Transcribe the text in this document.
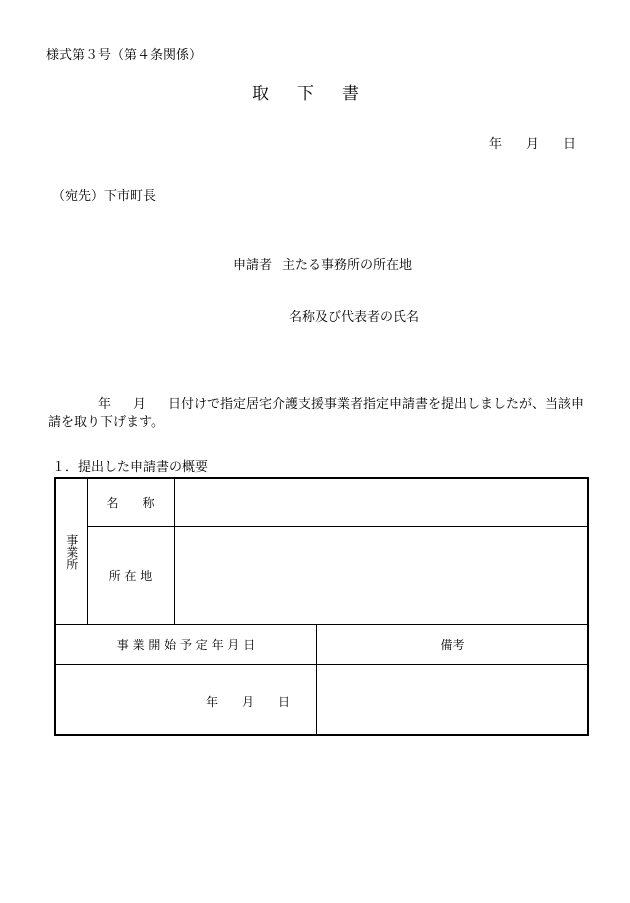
様式第３号（第４条関係）
取 下 書
年 月 日
（宛先）下市町長
申請者 主たる事務所の所在地
名称及び代表者の氏名
年 月 日付けで指定居宅介護支援事業者指定申請書を提出しましたが、当該申請を取り下げます。
１．提出した申請書の概要
事業所
名　　称
所 在 地
事 業 開 始 予 定 年 月 日	備考
年 月 日
